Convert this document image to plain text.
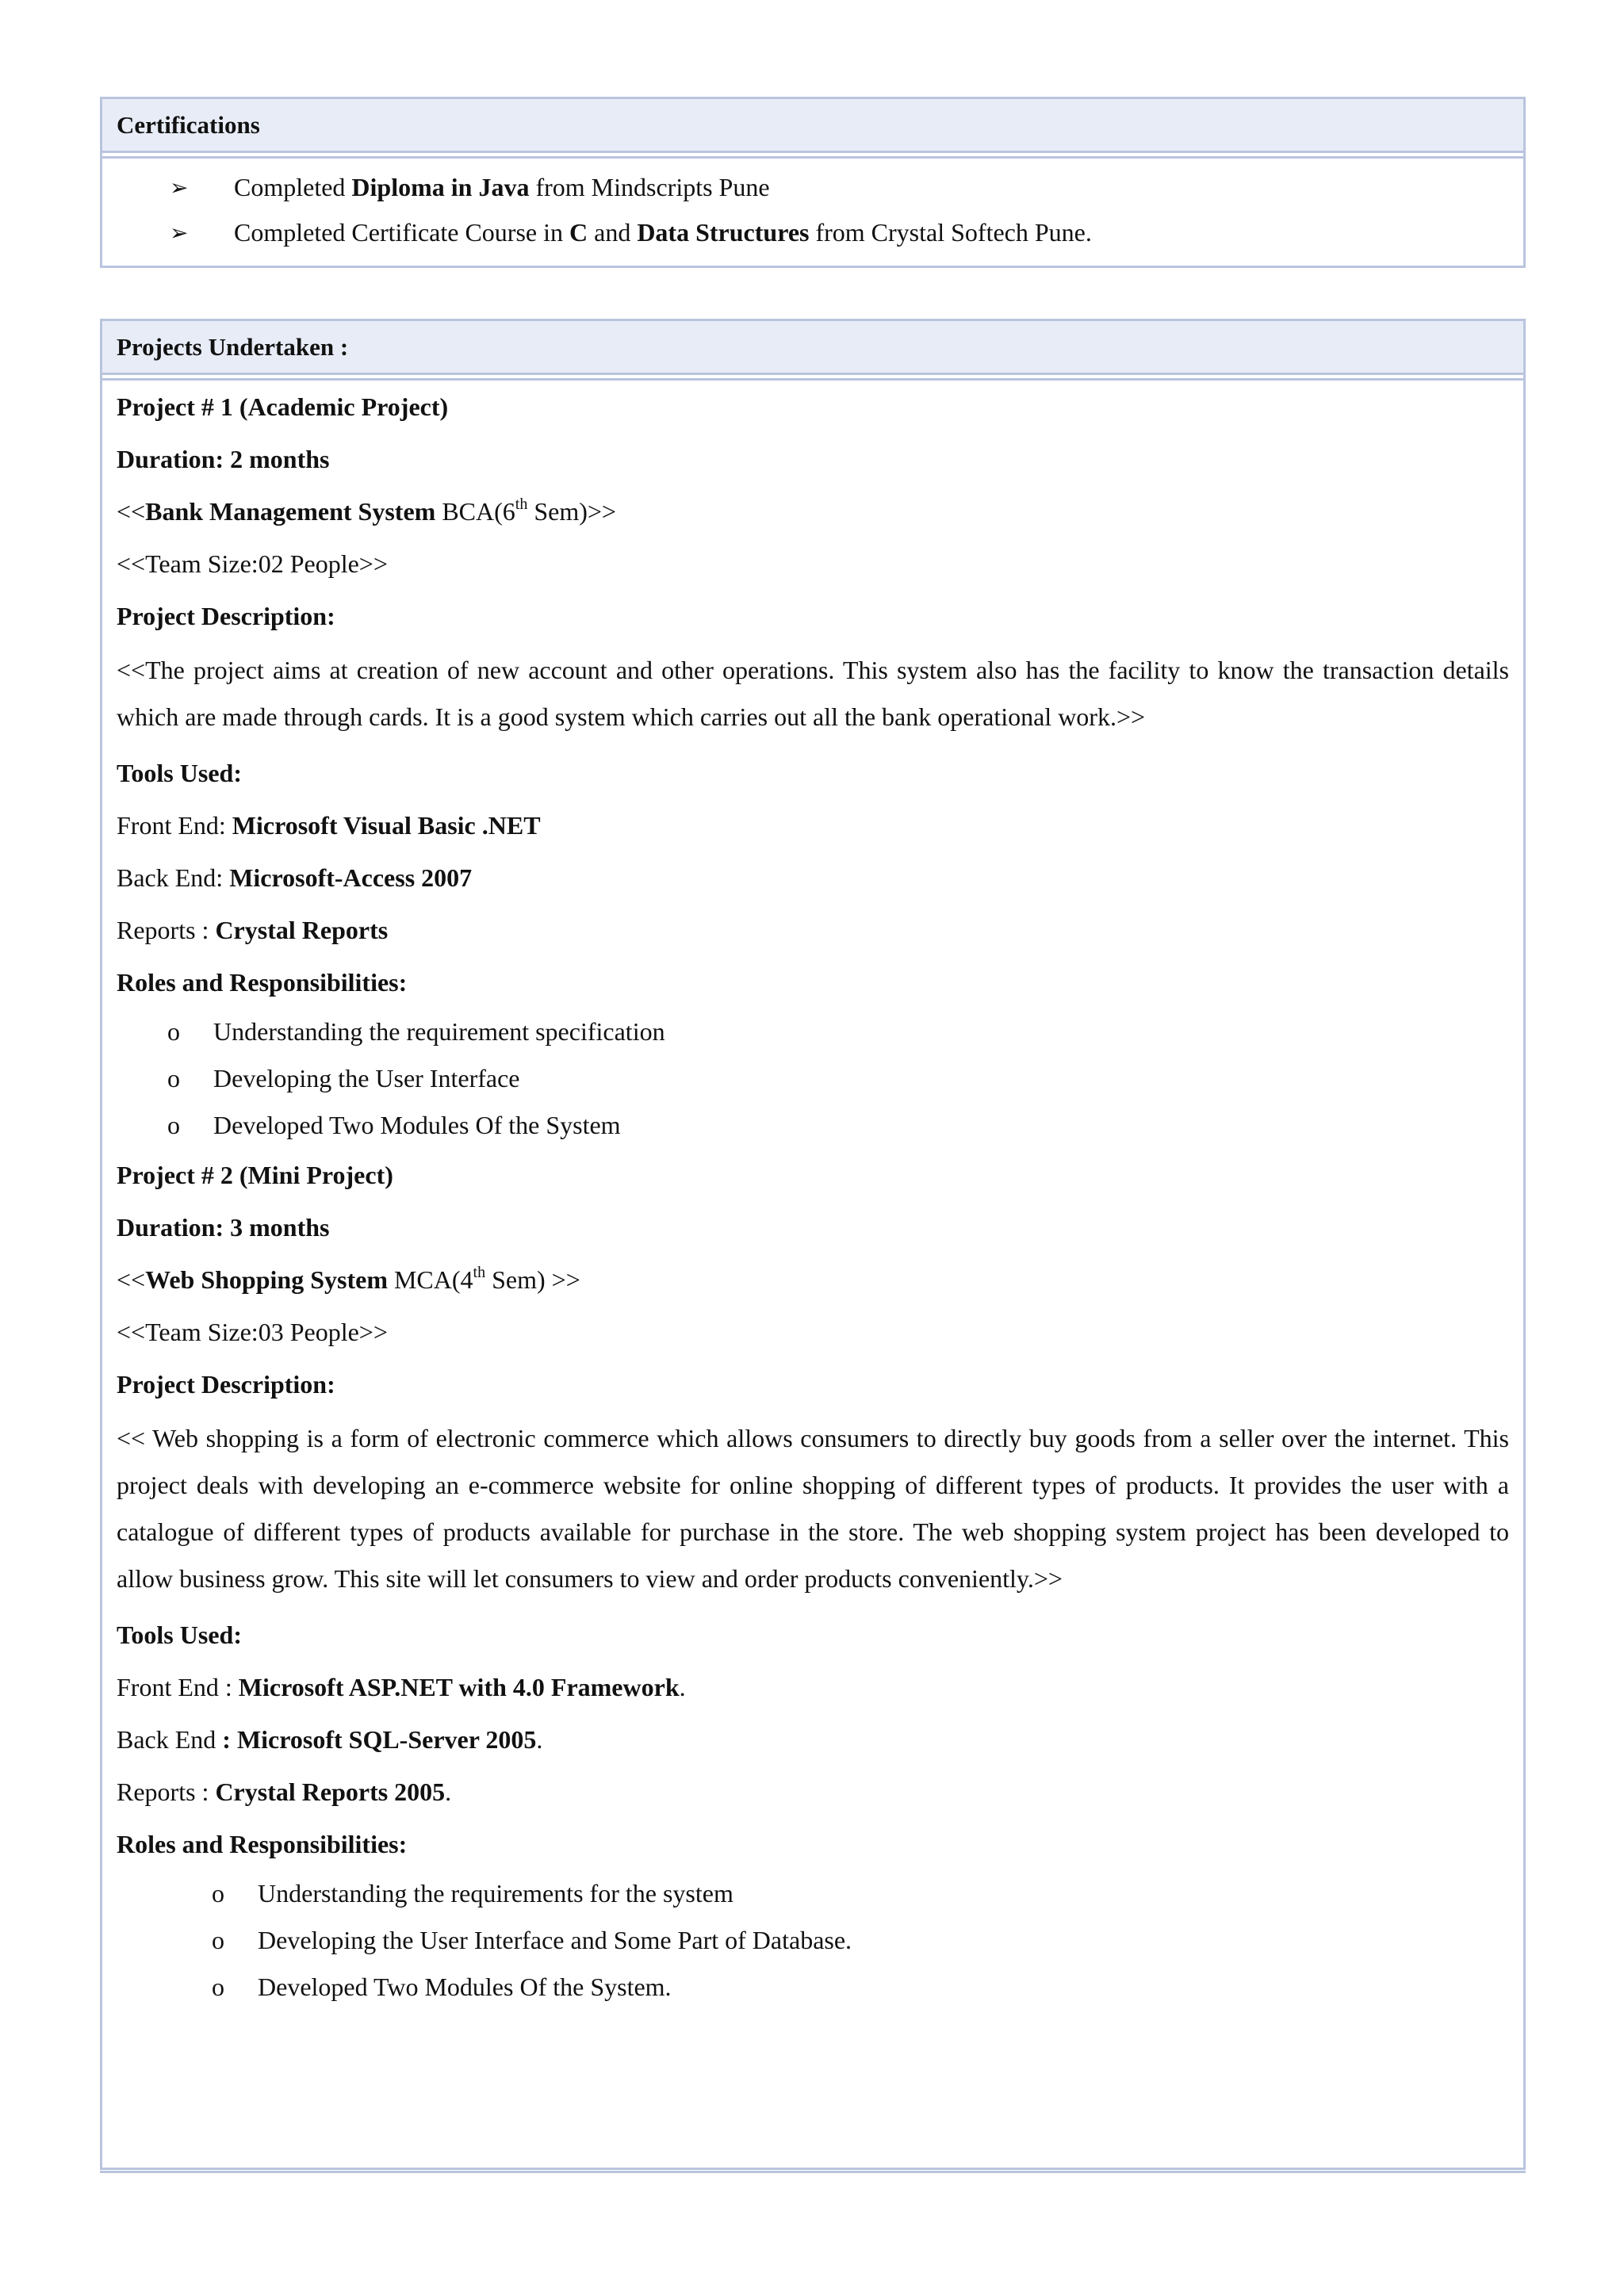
Certifications
➢ Completed Diploma in Java from Mindscripts Pune
➢ Completed Certificate Course in C and Data Structures from Crystal Softech Pune.
Projects Undertaken :
Project # 1 (Academic Project)
Duration: 2 months
<<Bank Management System BCA(6th Sem)>>
<<Team Size:02 People>>
Project Description:
<<The project aims at creation of new account and other operations. This system also has the facility to know the transaction details which are made through cards. It is a good system which carries out all the bank operational work.>>
Tools Used:
Front End: Microsoft Visual Basic .NET
Back End: Microsoft-Access 2007
Reports : Crystal Reports
Roles and Responsibilities:
o Understanding the requirement specification
o Developing the User Interface
o Developed Two Modules Of the System
Project # 2 (Mini Project)
Duration: 3 months
<<Web Shopping System MCA(4th Sem) >>
<<Team Size:03 People>>
Project Description:
<< Web shopping is a form of electronic commerce which allows consumers to directly buy goods from a seller over the internet. This project deals with developing an e-commerce website for online shopping of different types of products. It provides the user with a catalogue of different types of products available for purchase in the store. The web shopping system project has been developed to allow business grow. This site will let consumers to view and order products conveniently.>>
Tools Used:
Front End : Microsoft ASP.NET with 4.0 Framework.
Back End : Microsoft SQL-Server 2005.
Reports : Crystal Reports 2005.
Roles and Responsibilities:
o Understanding the requirements for the system
o Developing the User Interface and Some Part of Database.
o Developed Two Modules Of the System.
